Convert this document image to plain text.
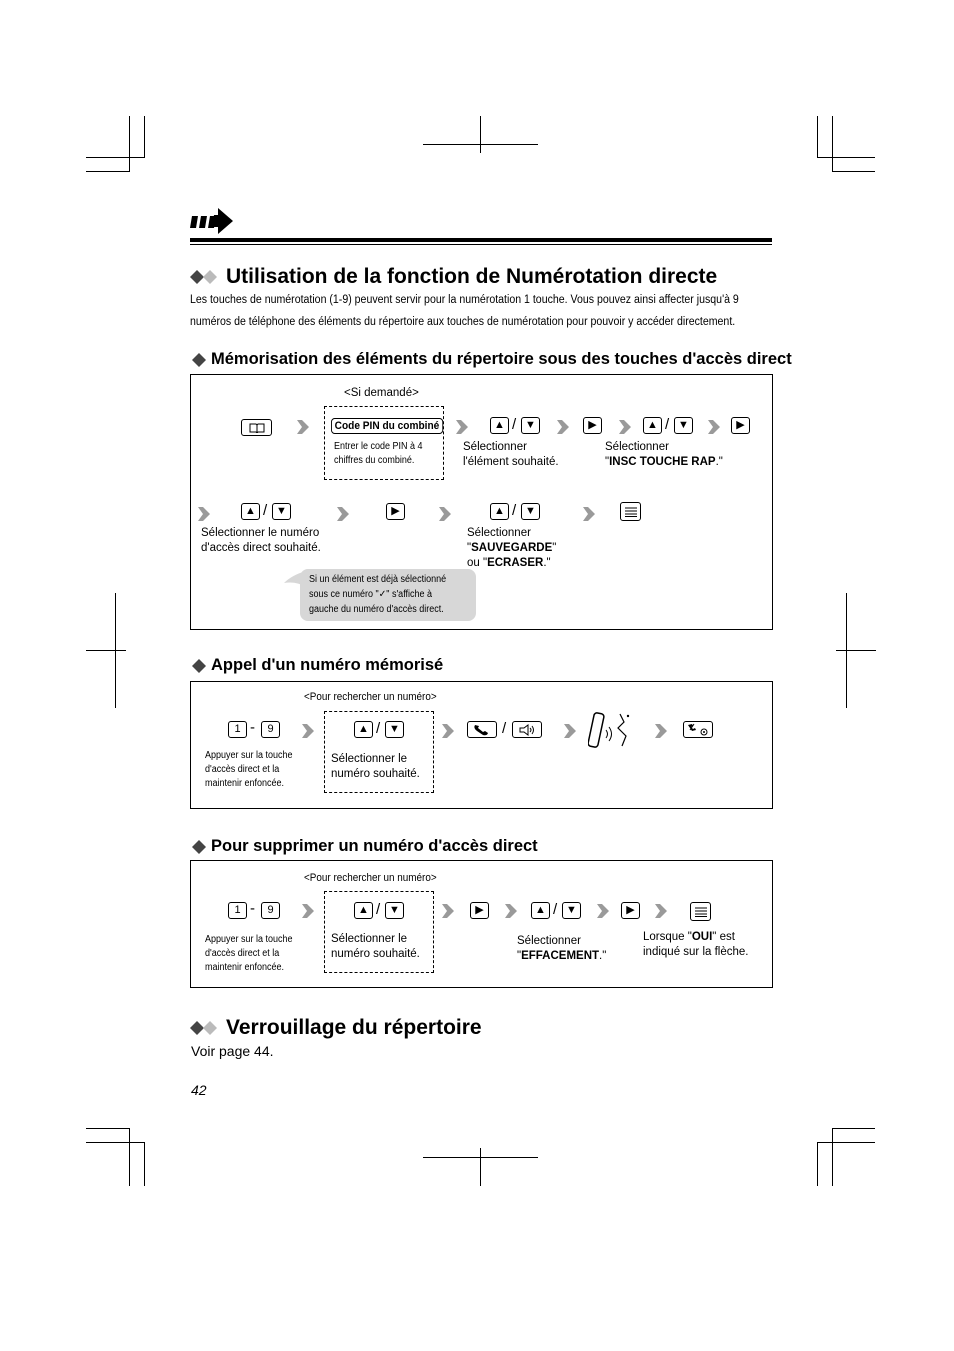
Utilisation de la fonction de Numérotation directe
Les touches de numérotation (1-9) peuvent servir pour la numérotation 1 touche. Vous pouvez ainsi affecter jusqu'à 9
numéros de téléphone des éléments du répertoire aux touches de numérotation pour pouvoir y accéder directement.
Mémorisation des éléments du répertoire sous des touches d'accès direct
<Si demandé>
Code PIN du combiné
Entrer le code PIN à 4
chiffres du combiné.
▲ / ▼
Sélectionner
l'élément souhaité.
▶	▲ / ▼
Sélectionner
"INSC TOUCHE RAP."
▶
▲ / ▼
Sélectionner le numéro
d'accès direct souhaité.
▶	▲ / ▼
Sélectionner
"SAUVEGARDE"
ou "ECRASER."
Si un élément est déjà sélectionné
sous ce numéro "✓" s'affiche à
gauche du numéro d'accès direct.
Appel d'un numéro mémorisé
<Pour rechercher un numéro>
1 -	9
Appuyer sur la touche
d'accès direct et la
maintenir enfoncée.
▲ / ▼
Sélectionner le
numéro souhaité.
/
Pour supprimer un numéro d'accès direct
<Pour rechercher un numéro>
1 -	9
Appuyer sur la touche
d'accès direct et la
maintenir enfoncée.
▲ / ▼
Sélectionner le
numéro souhaité.
▶	▲ / ▼
Sélectionner
"EFFACEMENT."
▶
Lorsque "OUI" est
indiqué sur la flèche.
Verrouillage du répertoire
Voir page 44.
42
